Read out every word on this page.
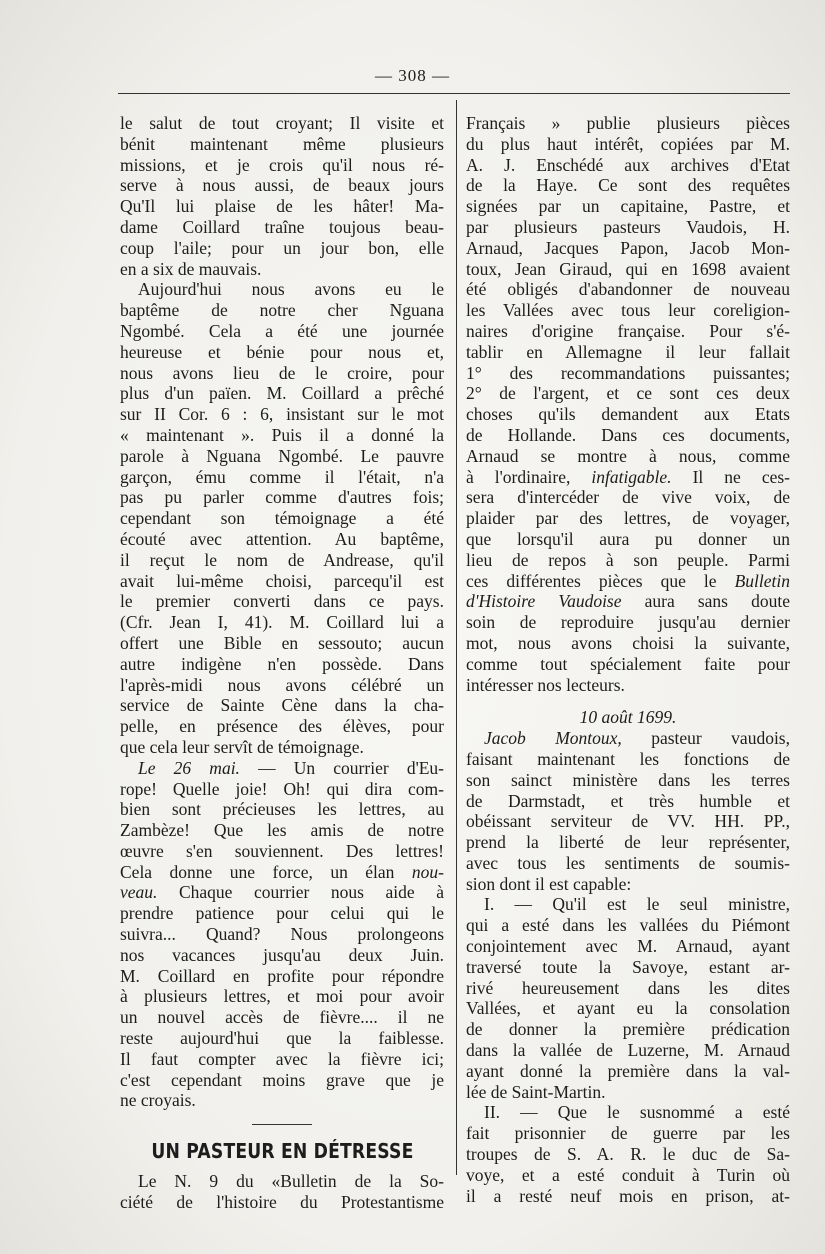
— 308 —
le salut de tout croyant; Il visite et
bénit maintenant même plusieurs
missions, et je crois qu'il nous ré-
serve à nous aussi, de beaux jours
Qu'Il lui plaise de les hâter! Ma-
dame Coillard traîne toujous beau-
coup l'aile; pour un jour bon, elle
en a six de mauvais.
Aujourd'hui nous avons eu le
baptême de notre cher Nguana
Ngombé. Cela a été une journée
heureuse et bénie pour nous et,
nous avons lieu de le croire, pour
plus d'un païen. M. Coillard a prêché
sur II Cor. 6 : 6, insistant sur le mot
« maintenant ». Puis il a donné la
parole à Nguana Ngombé. Le pauvre
garçon, ému comme il l'était, n'a
pas pu parler comme d'autres fois;
cependant son témoignage a été
écouté avec attention. Au baptême,
il reçut le nom de Andrease, qu'il
avait lui-même choisi, parcequ'il est
le premier converti dans ce pays.
(Cfr. Jean I, 41). M. Coillard lui a
offert une Bible en sessouto; aucun
autre indigène n'en possède. Dans
l'après-midi nous avons célébré un
service de Sainte Cène dans la cha-
pelle, en présence des élèves, pour
que cela leur servît de témoignage.
Le 26 mai. — Un courrier d'Eu-
rope! Quelle joie! Oh! qui dira com-
bien sont précieuses les lettres, au
Zambèze! Que les amis de notre
œuvre s'en souviennent. Des lettres!
Cela donne une force, un élan nou-
veau. Chaque courrier nous aide à
prendre patience pour celui qui le
suivra... Quand? Nous prolongeons
nos vacances jusqu'au deux Juin.
M. Coillard en profite pour répondre
à plusieurs lettres, et moi pour avoir
un nouvel accès de fièvre.... il ne
reste aujourd'hui que la faiblesse.
Il faut compter avec la fièvre ici;
c'est cependant moins grave que je
ne croyais.
UN PASTEUR EN DÉTRESSE
Le N. 9 du «Bulletin de la So-
ciété de l'histoire du Protestantisme
Français » publie plusieurs pièces
du plus haut intérêt, copiées par M.
A. J. Enschédé aux archives d'Etat
de la Haye. Ce sont des requêtes
signées par un capitaine, Pastre, et
par plusieurs pasteurs Vaudois, H.
Arnaud, Jacques Papon, Jacob Mon-
toux, Jean Giraud, qui en 1698 avaient
été obligés d'abandonner de nouveau
les Vallées avec tous leur coreligion-
naires d'origine française. Pour s'é-
tablir en Allemagne il leur fallait
1° des recommandations puissantes;
2° de l'argent, et ce sont ces deux
choses qu'ils demandent aux Etats
de Hollande. Dans ces documents,
Arnaud se montre à nous, comme
à l'ordinaire, infatigable. Il ne ces-
sera d'intercéder de vive voix, de
plaider par des lettres, de voyager,
que lorsqu'il aura pu donner un
lieu de repos à son peuple. Parmi
ces différentes pièces que le Bulletin
d'Histoire Vaudoise aura sans doute
soin de reproduire jusqu'au dernier
mot, nous avons choisi la suivante,
comme tout spécialement faite pour
intéresser nos lecteurs.
10 août 1699.
Jacob Montoux, pasteur vaudois,
faisant maintenant les fonctions de
son sainct ministère dans les terres
de Darmstadt, et très humble et
obéissant serviteur de VV. HH. PP.,
prend la liberté de leur représenter,
avec tous les sentiments de soumis-
sion dont il est capable:
I. — Qu'il est le seul ministre,
qui a esté dans les vallées du Piémont
conjointement avec M. Arnaud, ayant
traversé toute la Savoye, estant ar-
rivé heureusement dans les dites
Vallées, et ayant eu la consolation
de donner la première prédication
dans la vallée de Luzerne, M. Arnaud
ayant donné la première dans la val-
lée de Saint-Martin.
II. — Que le susnommé a esté
fait prisonnier de guerre par les
troupes de S. A. R. le duc de Sa-
voye, et a esté conduit à Turin où
il a resté neuf mois en prison, at-
